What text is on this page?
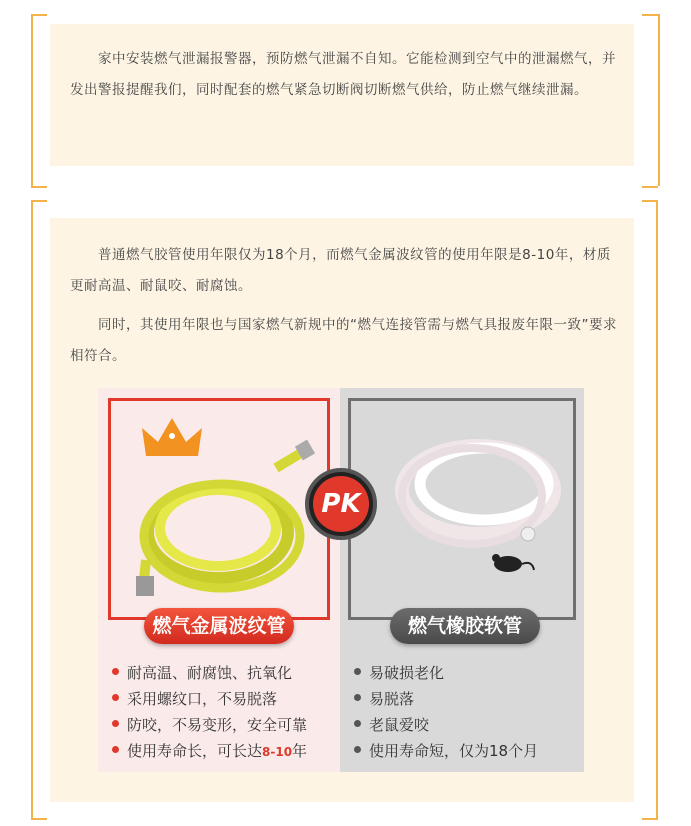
家中安装燃气泄漏报警器，预防燃气泄漏不自知。它能检测到空气中的泄漏燃气，并发出警报提醒我们，同时配套的燃气紧急切断阀切断燃气供给，防止燃气继续泄漏。

普通燃气胶管使用年限仅为18个月，而燃气金属波纹管的使用年限是8-10年，材质更耐高温、耐鼠咬、耐腐蚀。

同时，其使用年限也与国家燃气新规中的“燃气连接管需与燃气具报废年限一致”要求相符合。

PK
燃气金属波纹管	燃气橡胶软管
耐高温、耐腐蚀、抗氧化
采用螺纹口，不易脱落
防咬，不易变形，安全可靠
使用寿命长，可长达8-10年
易破损老化
易脱落
老鼠爱咬
使用寿命短，仅为18个月
